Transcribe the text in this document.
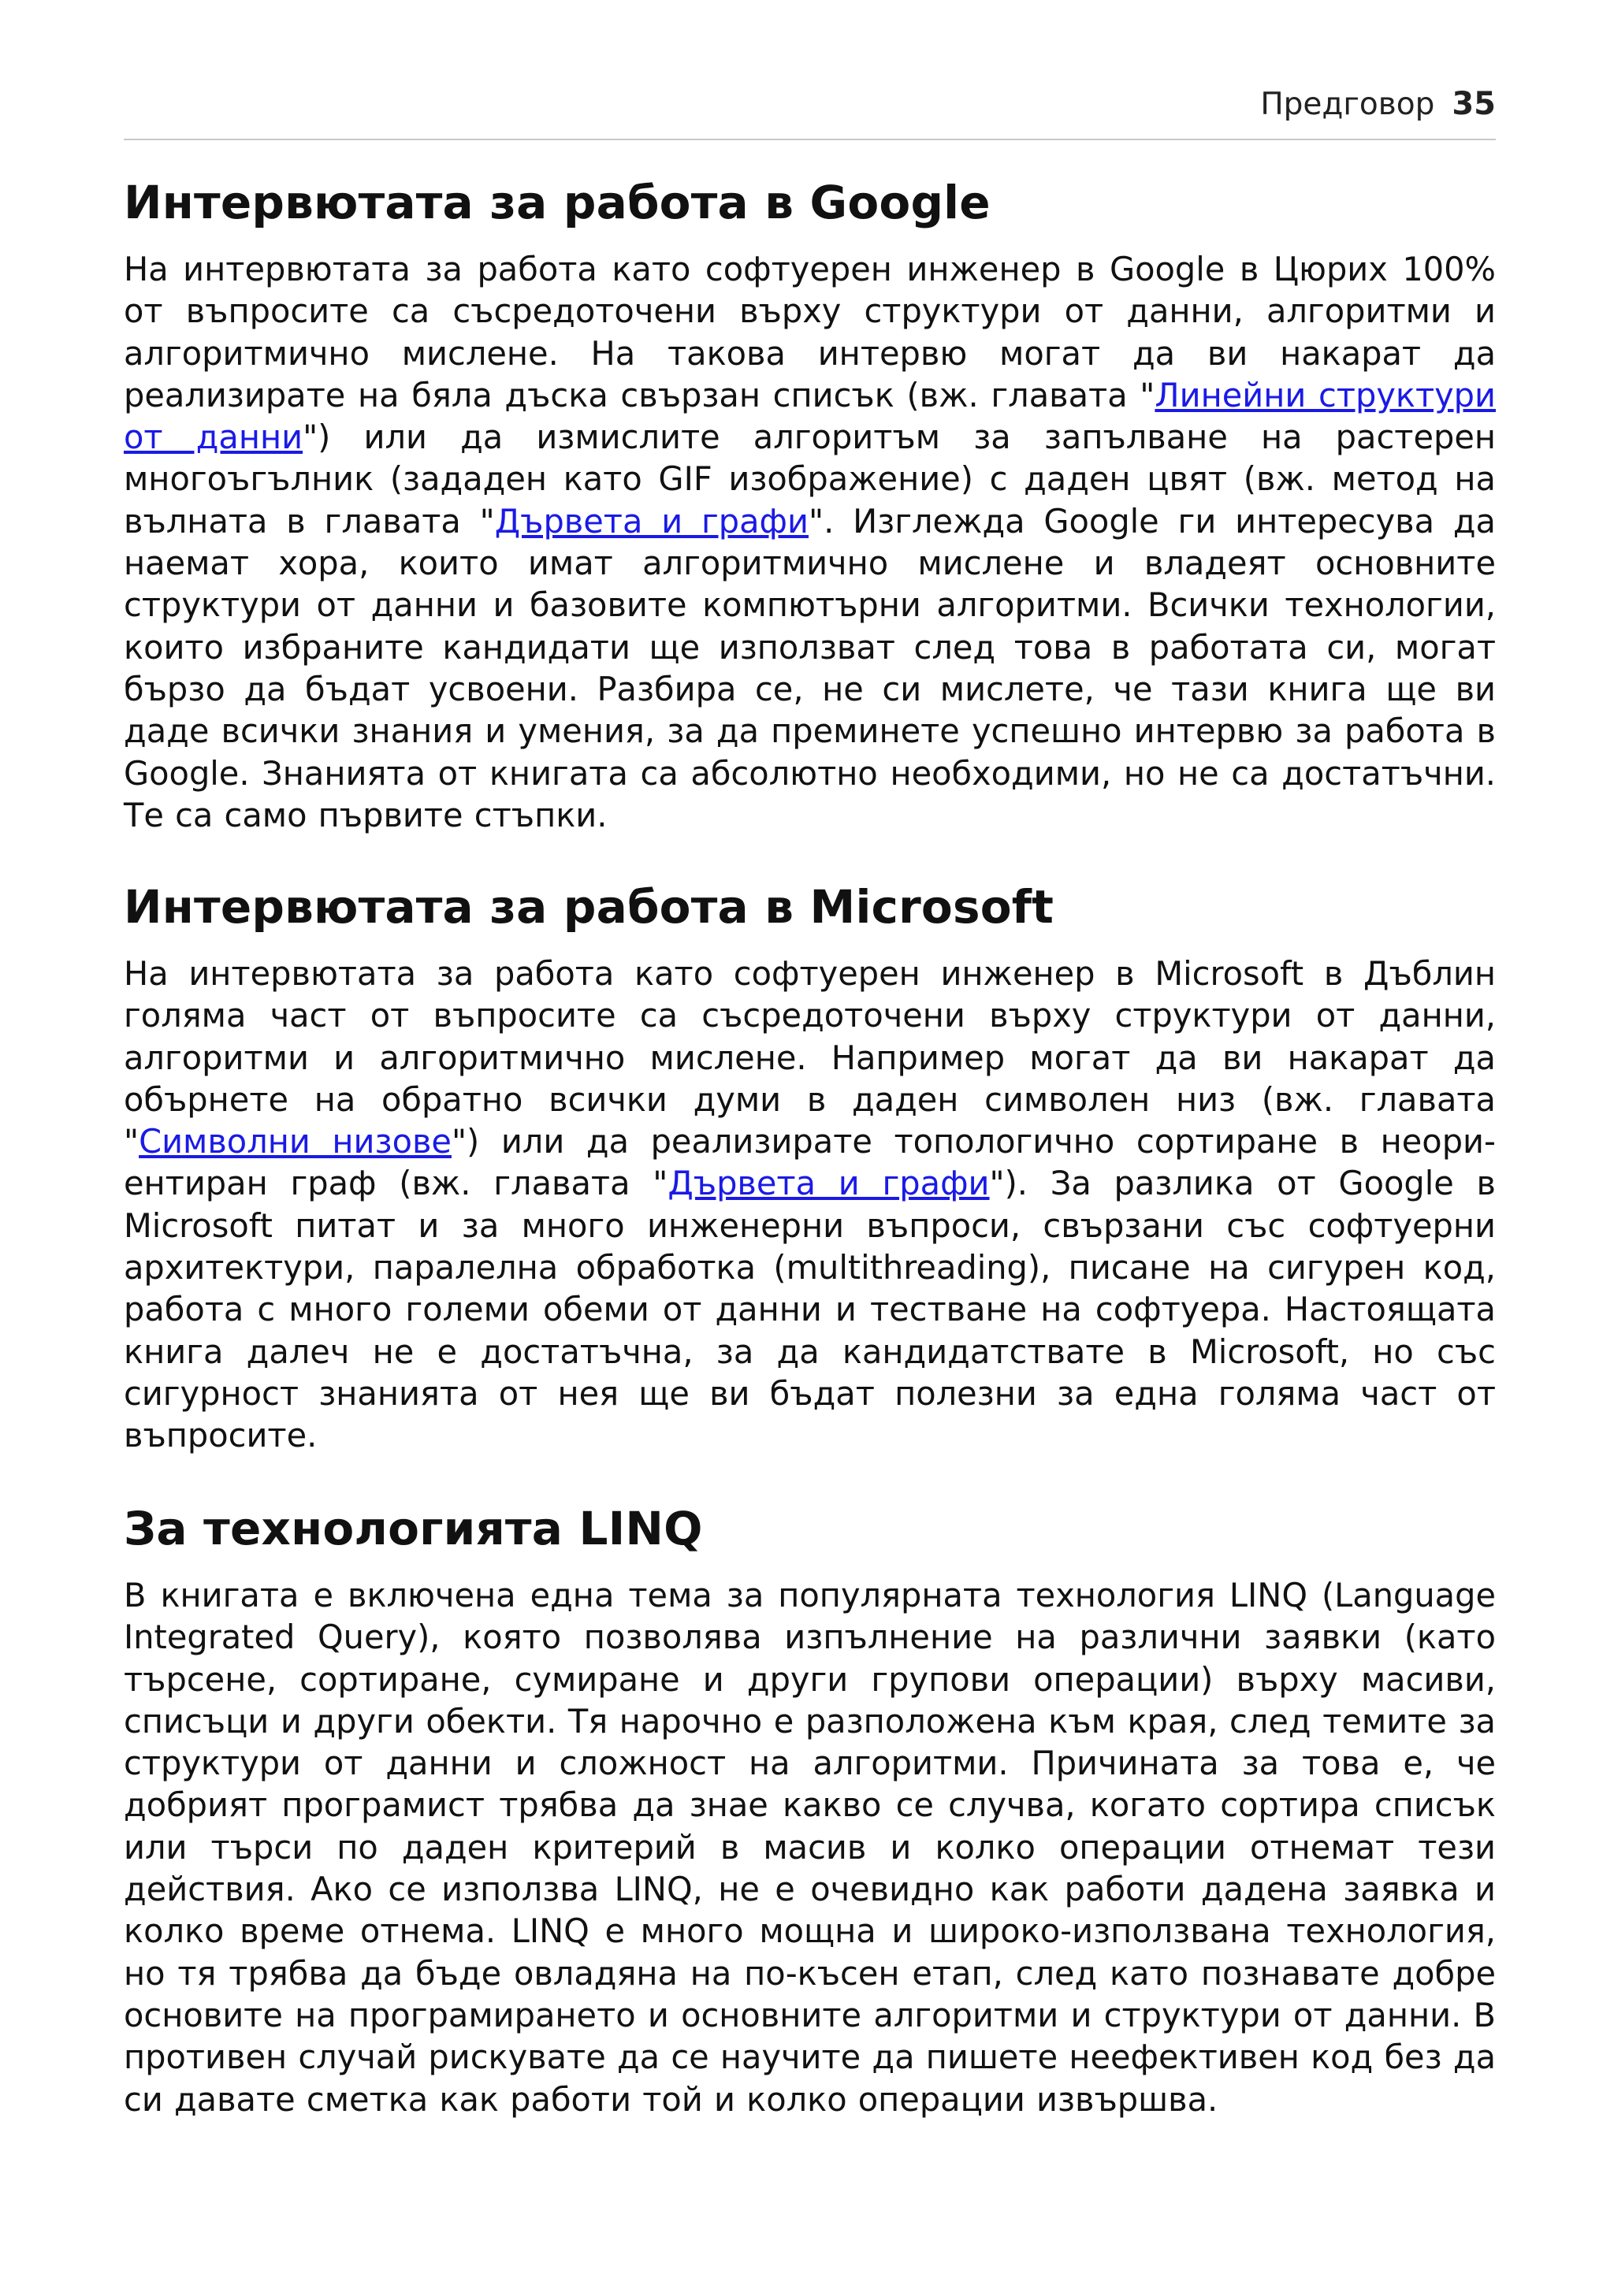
Предговор 35
Интервютата за работа в Google

На интервютата за работа като софтуерен инженер в Google в Цюрих 100% от въпросите са съсредоточени върху структури от данни, алгоритми и алгоритмично мислене. На такова интервю могат да ви накарат да реализирате на бяла дъска свързан списък (вж. главата "Линейни структури от данни") или да измислите алгоритъм за запълване на растерен многоъгълник (зададен като GIF изображение) с даден цвят (вж. метод на вълната в главата "Дървета и графи". Изглежда Google ги интересува да наемат хора, които имат алгоритмично мислене и владеят основните структури от данни и базовите компютърни алгоритми. Всички технологии, които избраните кандидати ще използват след това в работата си, могат бързо да бъдат усвоени. Разбира се, не си мислете, че тази книга ще ви даде всички знания и умения, за да преминете успешно интервю за работа в Google. Знанията от книгата са абсолютно необходими, но не са достатъчни. Те са само първите стъпки.

Интервютата за работа в Microsoft

На интервютата за работа като софтуерен инженер в Microsoft в Дъблин голяма част от въпросите са съсредоточени върху структури от данни, алгоритми и алгоритмично мислене. Например могат да ви накарат да обърнете на обратно всички думи в даден символен низ (вж. главата "Символни низове") или да реализирате топологично сортиране в неориентиран граф (вж. главата "Дървета и графи"). За разлика от Google в Microsoft питат и за много инженерни въпроси, свързани със софтуерни архитектури, паралелна обработка (multithreading), писане на сигурен код, работа с много големи обеми от данни и тестване на софтуера. Настоящата книга далеч не е достатъчна, за да кандидатствате в Microsoft, но със сигурност знанията от нея ще ви бъдат полезни за една голяма част от въпросите.

За технологията LINQ

В книгата е включена една тема за популярната технология LINQ (Language Integrated Query), която позволява изпълнение на различни заявки (като търсене, сортиране, сумиране и други групови операции) върху масиви, списъци и други обекти. Тя нарочно е разположена към края, след темите за структури от данни и сложност на алгоритми. Причината за това е, че добрият програмист трябва да знае какво се случва, когато сортира списък или търси по даден критерий в масив и колко операции отнемат тези действия. Ако се използва LINQ, не е очевидно как работи дадена заявка и колко време отнема. LINQ е много мощна и широко-използвана технология, но тя трябва да бъде овладяна на по-късен етап, след като познавате добре основите на програмирането и основните алгоритми и структури от данни. В противен случай рискувате да се научите да пишете неефективен код без да си давате сметка как работи той и колко операции извършва.
